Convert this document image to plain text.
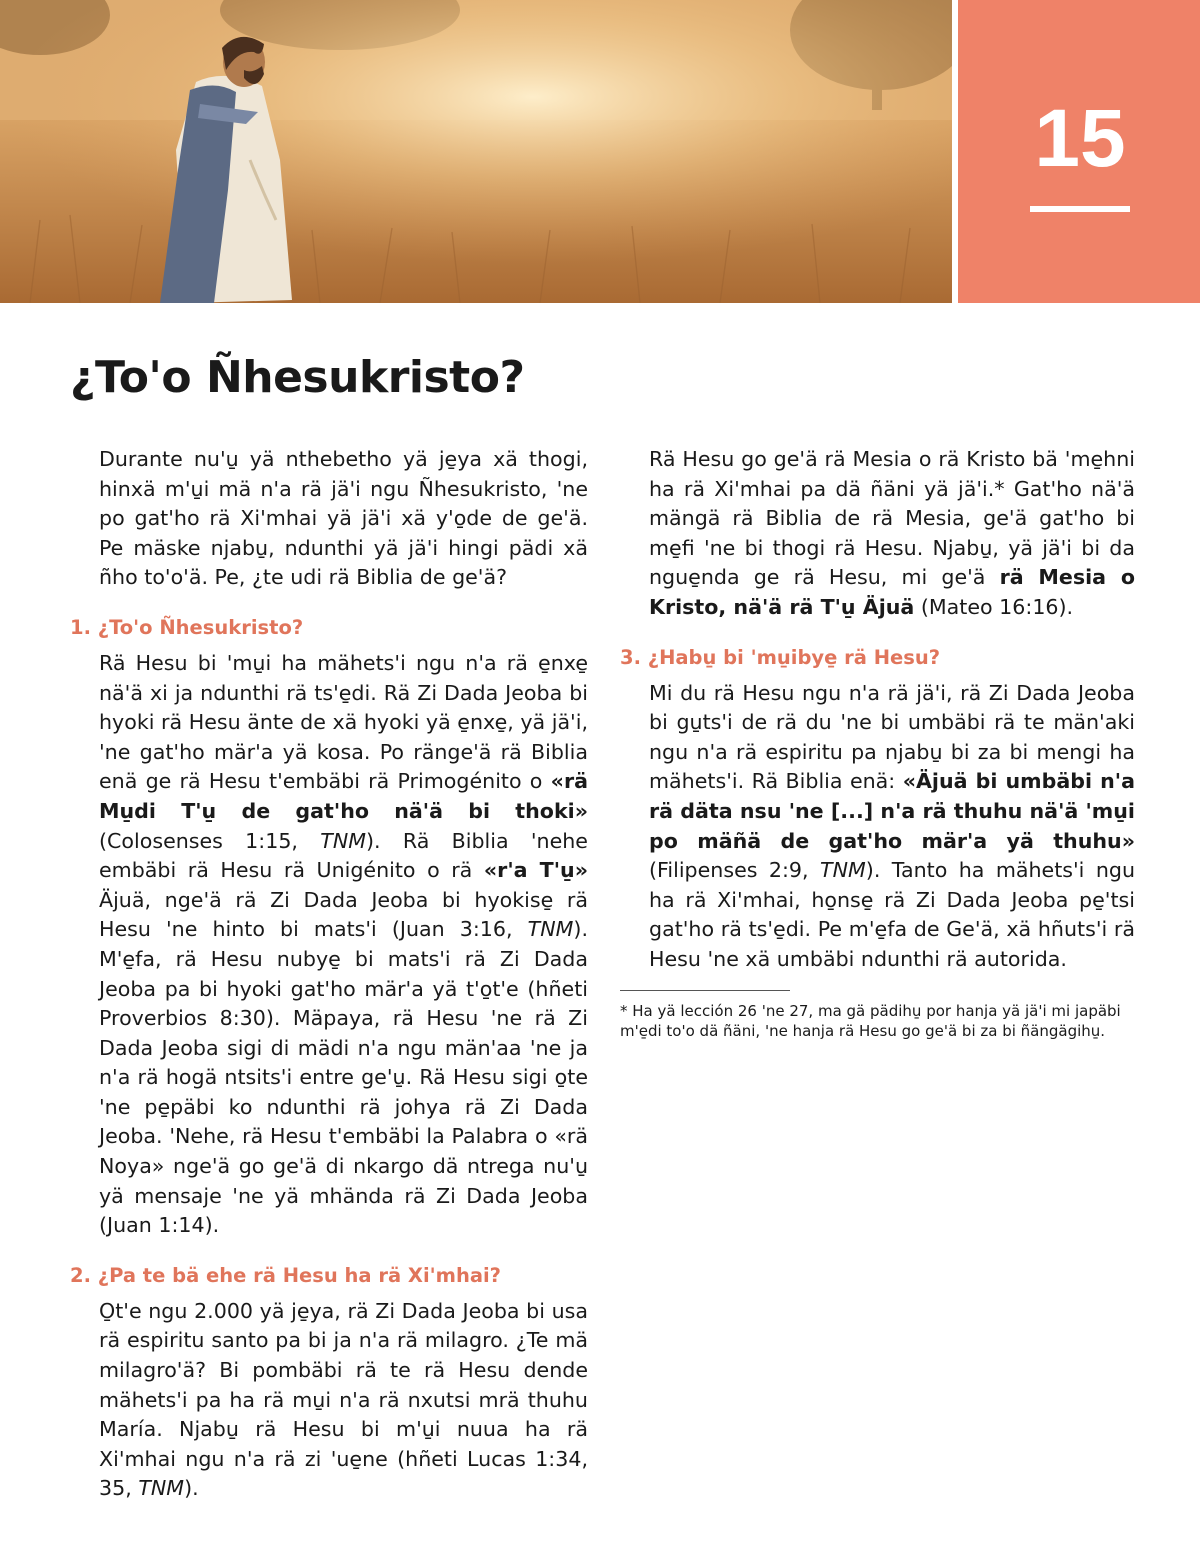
15
¿To'o Ñhesukristo?

Durante nu'u̱ yä nthebetho yä je̱ya xä thogi, hinxä m'u̱i mä n'a rä jä'i ngu Ñhesukristo, 'ne po gat'ho rä Xi'mhai yä jä'i xä y'o̱de de ge'ä. Pe mäske njabu̱, ndunthi yä jä'i hingi pädi xä ñho to'o'ä. Pe, ¿te udi rä Biblia de ge'ä?

1. ¿To'o Ñhesukristo?

Rä Hesu bi 'mu̱i ha mähets'i ngu n'a rä e̱nxe̱ nä'ä xi ja ndunthi rä ts'e̱di. Rä Zi Dada Jeoba bi hyoki rä Hesu änte de xä hyoki yä e̱nxe̱, yä jä'i, 'ne gat'ho mär'a yä kosa. Po ränge'ä rä Biblia enä ge rä Hesu t'embäbi rä Primogénito o «rä Mu̱di T'u̱ de gat'ho nä'ä bi thoki» (Colosenses 1:15, TNM). Rä Biblia 'nehe embäbi rä Hesu rä Unigénito o rä «r'a T'u̱» Äjuä, nge'ä rä Zi Dada Jeoba bi hyokise̱ rä Hesu 'ne hinto bi mats'i (Juan 3:16, TNM). M'e̱fa, rä Hesu nubye̱ bi mats'i rä Zi Dada Jeoba pa bi hyoki gat'ho mär'a yä t'o̱t'e (hñeti Proverbios 8:30). Mäpaya, rä Hesu 'ne rä Zi Dada Jeoba sigi di mädi n'a ngu män'aa 'ne ja n'a rä hogä ntsits'i entre ge'u̱. Rä Hesu sigi o̱te 'ne pe̱päbi ko ndunthi rä johya rä Zi Dada Jeoba. 'Nehe, rä Hesu t'embäbi la Palabra o «rä Noya» nge'ä go ge'ä di nkargo dä ntrega nu'u̱ yä mensaje 'ne yä mhända rä Zi Dada Jeoba (Juan 1:14).

2. ¿Pa te bä ehe rä Hesu ha rä Xi'mhai?

O̱t'e ngu 2.000 yä je̱ya, rä Zi Dada Jeoba bi usa rä espiritu santo pa bi ja n'a rä milagro. ¿Te mä milagro'ä? Bi pombäbi rä te rä Hesu dende mähets'i pa ha rä mu̱i n'a rä nxutsi mrä thuhu María. Njabu̱ rä Hesu bi m'u̱i nuua ha rä Xi'mhai ngu n'a rä zi 'ue̱ne (hñeti Lucas 1:34, 35, TNM).

Rä Hesu go ge'ä rä Mesia o rä Kristo bä 'me̱hni ha rä Xi'mhai pa dä ñäni yä jä'i.* Gat'ho nä'ä mängä rä Biblia de rä Mesia, ge'ä gat'ho bi me̱fi 'ne bi thogi rä Hesu. Njabu̱, yä jä'i bi da ngue̱nda ge rä Hesu, mi ge'ä rä Mesia o Kristo, nä'ä rä T'u̱ Äjuä (Mateo 16:16).

3. ¿Habu̱ bi 'mu̱ibye̱ rä Hesu?

Mi du rä Hesu ngu n'a rä jä'i, rä Zi Dada Jeoba bi gu̱ts'i de rä du 'ne bi umbäbi rä te män'aki ngu n'a rä espiritu pa njabu̱ bi za bi mengi ha mähets'i. Rä Biblia enä: «Äjuä bi umbäbi n'a rä däta nsu 'ne [...] n'a rä thuhu nä'ä 'mu̱i po mäñä de gat'ho mär'a yä thuhu» (Filipenses 2:9, TNM). Tanto ha mähets'i ngu ha rä Xi'mhai, ho̱nse̱ rä Zi Dada Jeoba pe̱'tsi gat'ho rä ts'e̱di. Pe m'e̱fa de Ge'ä, xä hñuts'i rä Hesu 'ne xä umbäbi ndunthi rä autorida.

* Ha yä lección 26 'ne 27, ma gä pädihu̱ por hanja yä jä'i mi japäbi m'e̱di to'o dä ñäni, 'ne hanja rä Hesu go ge'ä bi za bi ñängägihu̱.
